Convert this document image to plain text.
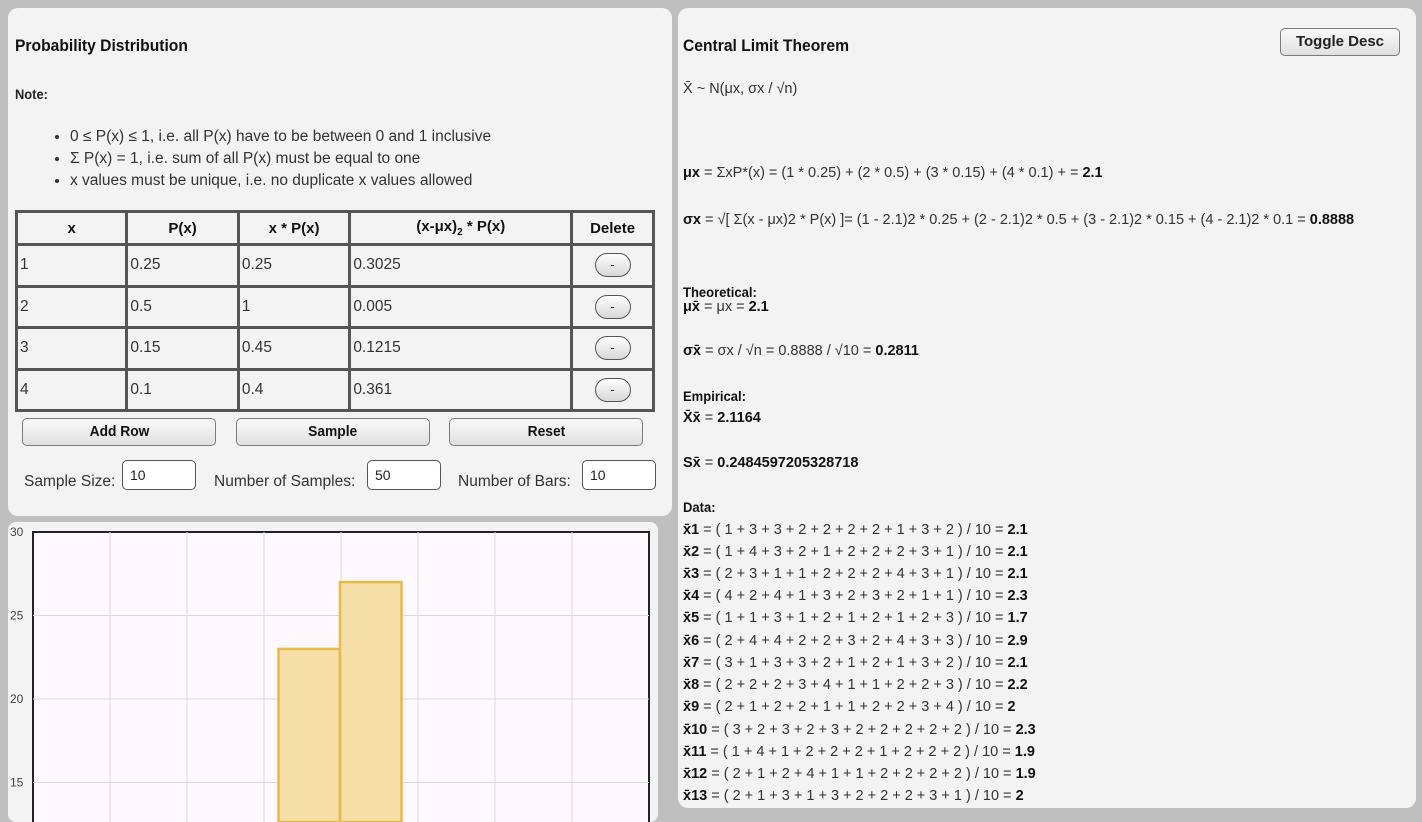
Probability Distribution
Note:
• 0 ≤ P(x) ≤ 1, i.e. all P(x) have to be between 0 and 1 inclusive
• Σ P(x) = 1, i.e. sum of all P(x) must be equal to one
• x values must be unique, i.e. no duplicate x values allowed
x	P(x)	x * P(x)	$(x-\mu x)_2 * P(x)$	Delete
1	0.25	0.25	0.3025	-
2	0.5	1	0.005	-
3	0.15	0.45	0.1215	-
4	0.1	0.4	0.361	-
Add Row	Sample	Reset
Sample Size:	10	Number of Samples:	50	Number of Bars:	10
30
25
20
15
Central Limit Theorem	Toggle Desc
X̄ ~ N(μx, σx / √n)
μx = ΣxP*(x) = (1 * 0.25) + (2 * 0.5) + (3 * 0.15) + (4 * 0.1) + = 2.1
σx = √[ Σ(x - μx)2 * P(x) ]= (1 - 2.1)2 * 0.25 + (2 - 2.1)2 * 0.5 + (3 - 2.1)2 * 0.15 + (4 - 2.1)2 * 0.1 = 0.8888
Theoretical:
μx̄ = μx = 2.1
σx̄ = σx / √n = 0.8888 / √10 = 0.2811
Empirical:
X̄x̄ = 2.1164
Sx̄ = 0.2484597205328718
Data:
x̄1 = ( 1 + 3 + 3 + 2 + 2 + 2 + 2 + 1 + 3 + 2 ) / 10 = 2.1
x̄2 = ( 1 + 4 + 3 + 2 + 1 + 2 + 2 + 2 + 3 + 1 ) / 10 = 2.1
x̄3 = ( 2 + 3 + 1 + 1 + 2 + 2 + 2 + 4 + 3 + 1 ) / 10 = 2.1
x̄4 = ( 4 + 2 + 4 + 1 + 3 + 2 + 3 + 2 + 1 + 1 ) / 10 = 2.3
x̄5 = ( 1 + 1 + 3 + 1 + 2 + 1 + 2 + 1 + 2 + 3 ) / 10 = 1.7
x̄6 = ( 2 + 4 + 4 + 2 + 2 + 3 + 2 + 4 + 3 + 3 ) / 10 = 2.9
x̄7 = ( 3 + 1 + 3 + 3 + 2 + 1 + 2 + 1 + 3 + 2 ) / 10 = 2.1
x̄8 = ( 2 + 2 + 2 + 3 + 4 + 1 + 1 + 2 + 2 + 3 ) / 10 = 2.2
x̄9 = ( 2 + 1 + 2 + 2 + 1 + 1 + 2 + 2 + 3 + 4 ) / 10 = 2
x̄10 = ( 3 + 2 + 3 + 2 + 3 + 2 + 2 + 2 + 2 + 2 ) / 10 = 2.3
x̄11 = ( 1 + 4 + 1 + 2 + 2 + 2 + 1 + 2 + 2 + 2 ) / 10 = 1.9
x̄12 = ( 2 + 1 + 2 + 4 + 1 + 1 + 2 + 2 + 2 + 2 ) / 10 = 1.9
x̄13 = ( 2 + 1 + 3 + 1 + 3 + 2 + 2 + 2 + 3 + 1 ) / 10 = 2
